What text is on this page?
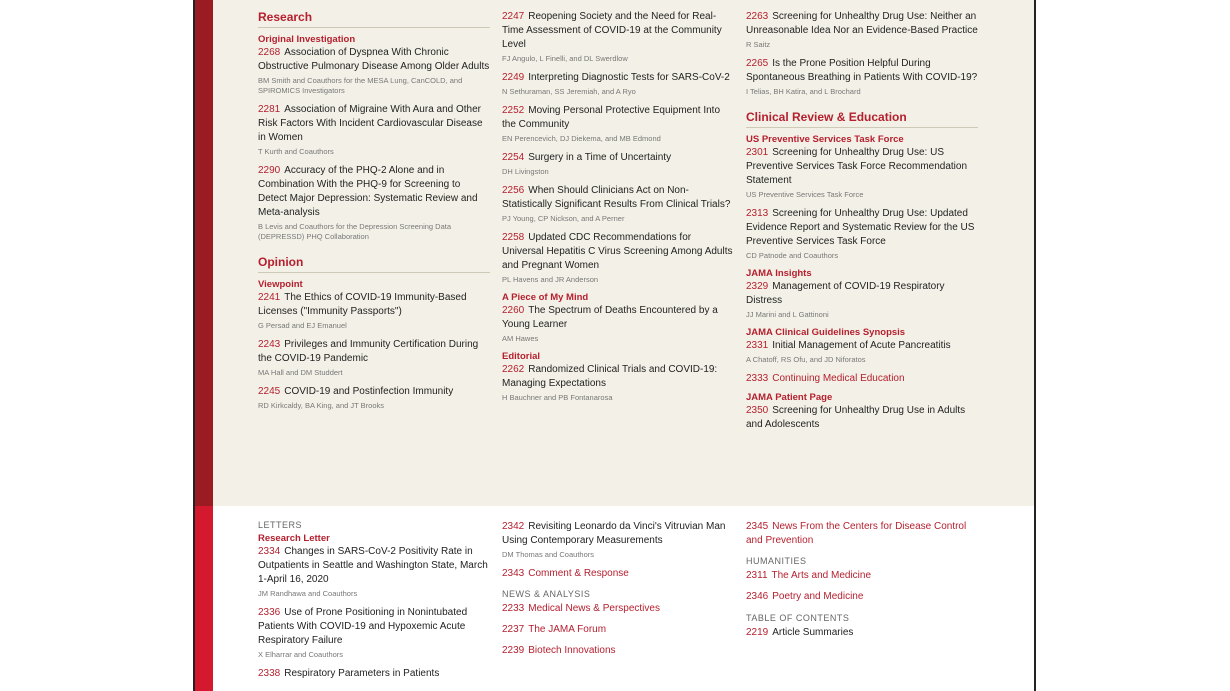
Research
Original Investigation
2268 Association of Dyspnea With Chronic Obstructive Pulmonary Disease Among Older Adults
BM Smith and Coauthors for the MESA Lung, CanCOLD, and SPIROMICS Investigators
2281 Association of Migraine With Aura and Other Risk Factors With Incident Cardiovascular Disease in Women
T Kurth and Coauthors
2290 Accuracy of the PHQ-2 Alone and in Combination With the PHQ-9 for Screening to Detect Major Depression: Systematic Review and Meta-analysis
B Levis and Coauthors for the Depression Screening Data (DEPRESSD) PHQ Collaboration
Opinion
Viewpoint
2241 The Ethics of COVID-19 Immunity-Based Licenses ("Immunity Passports")
G Persad and EJ Emanuel
2243 Privileges and Immunity Certification During the COVID-19 Pandemic
MA Hall and DM Studdert
2245 COVID-19 and Postinfection Immunity
RD Kirkcaldy, BA King, and JT Brooks
LETTERS
Research Letter
2334 Changes in SARS-CoV-2 Positivity Rate in Outpatients in Seattle and Washington State, March 1-April 16, 2020
JM Randhawa and Coauthors
2336 Use of Prone Positioning in Nonintubated Patients With COVID-19 and Hypoxemic Acute Respiratory Failure
X Elharrar and Coauthors
2338 Respiratory Parameters in Patients
2247 Reopening Society and the Need for Real-Time Assessment of COVID-19 at the Community Level
FJ Angulo, L Finelli, and DL Swerdlow
2249 Interpreting Diagnostic Tests for SARS-CoV-2
N Sethuraman, SS Jeremiah, and A Ryo
2252 Moving Personal Protective Equipment Into the Community
EN Perencevich, DJ Diekema, and MB Edmond
2254 Surgery in a Time of Uncertainty
DH Livingston
2256 When Should Clinicians Act on Non-Statistically Significant Results From Clinical Trials?
PJ Young, CP Nickson, and A Perner
2258 Updated CDC Recommendations for Universal Hepatitis C Virus Screening Among Adults and Pregnant Women
PL Havens and JR Anderson
A Piece of My Mind
2260 The Spectrum of Deaths Encountered by a Young Learner
AM Hawes
Editorial
2262 Randomized Clinical Trials and COVID-19: Managing Expectations
H Bauchner and PB Fontanarosa
2342 Revisiting Leonardo da Vinci's Vitruvian Man Using Contemporary Measurements
DM Thomas and Coauthors
2343 Comment & Response
NEWS & ANALYSIS
2233 Medical News & Perspectives
2237 The JAMA Forum
2239 Biotech Innovations
2263 Screening for Unhealthy Drug Use: Neither an Unreasonable Idea Nor an Evidence-Based Practice
R Saitz
2265 Is the Prone Position Helpful During Spontaneous Breathing in Patients With COVID-19?
I Telias, BH Katira, and L Brochard
Clinical Review & Education
US Preventive Services Task Force
2301 Screening for Unhealthy Drug Use: US Preventive Services Task Force Recommendation Statement
US Preventive Services Task Force
2313 Screening for Unhealthy Drug Use: Updated Evidence Report and Systematic Review for the US Preventive Services Task Force
CD Patnode and Coauthors
JAMA Insights
2329 Management of COVID-19 Respiratory Distress
JJ Marini and L Gattinoni
JAMA Clinical Guidelines Synopsis
2331 Initial Management of Acute Pancreatitis
A Chatoff, RS Ofu, and JD Niforatos
2333 Continuing Medical Education
JAMA Patient Page
2350 Screening for Unhealthy Drug Use in Adults and Adolescents
2345 News From the Centers for Disease Control and Prevention
HUMANITIES
2311 The Arts and Medicine
2346 Poetry and Medicine
TABLE OF CONTENTS
2219 Article Summaries
